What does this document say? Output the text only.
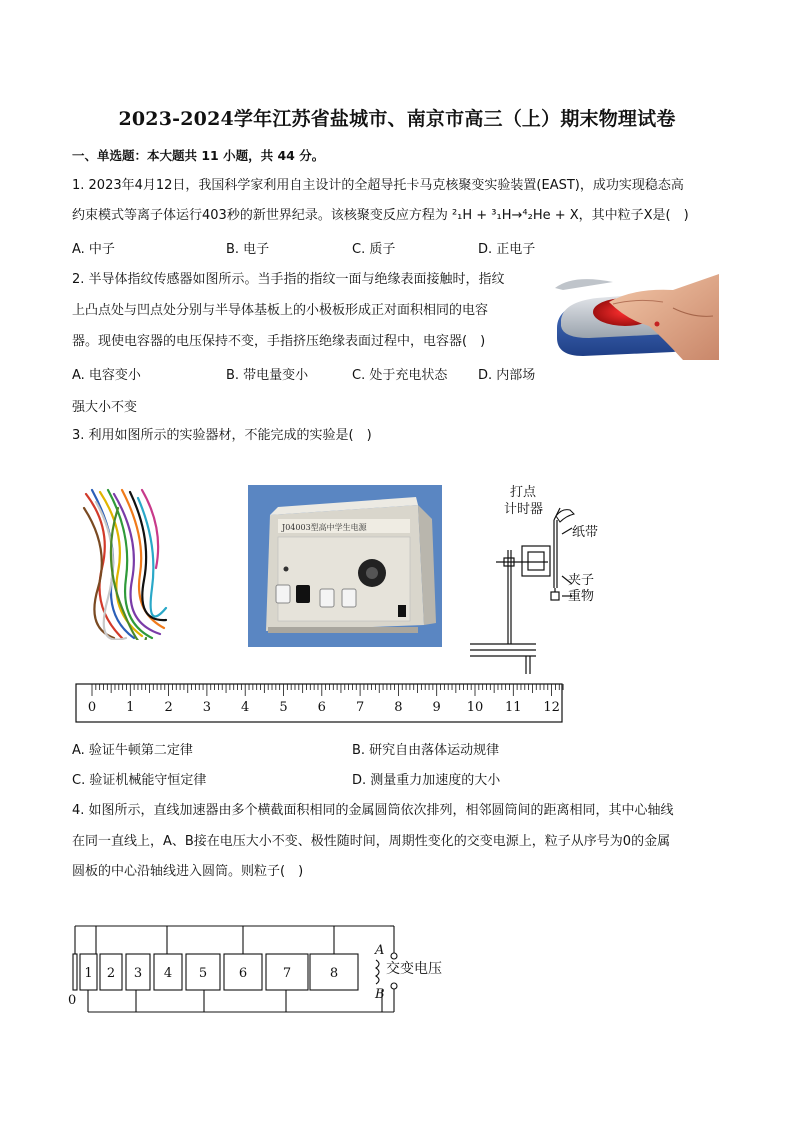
2023-2024学年江苏省盐城市、南京市高三（上）期末物理试卷
一、单选题：本大题共 11 小题，共 44 分。
1. 2023年4月12日，我国科学家利用自主设计的全超导托卡马克核聚变实验装置(EAST)，成功实现稳态高
约束模式等离子体运行403秒的新世界纪录。该核聚变反应方程为 ²₁H + ³₁H→⁴₂He + X，其中粒子X是(　)
A. 中子	B. 电子	C. 质子	D. 正电子
2. 半导体指纹传感器如图所示。当手指的指纹一面与绝缘表面接触时，指纹
上凸点处与凹点处分别与半导体基板上的小极板形成正对面积相同的电容
器。现使电容器的电压保持不变，手指挤压绝缘表面过程中，电容器(　)
A. 电容变小	B. 带电量变小	C. 处于充电状态 D. 内部场
强大小不变
3. 利用如图所示的实验器材，不能完成的实验是(　)
J04003型高中学生电源
打点
计时器
纸带
夹子
重物
0 1 2 3 4 5 6 7 8 9 10 11 12
A. 验证牛顿第二定律	B. 研究自由落体运动规律
C. 验证机械能守恒定律	D. 测量重力加速度的大小
4. 如图所示，直线加速器由多个横截面积相同的金属圆筒依次排列，相邻圆筒间的距离相同，其中心轴线
在同一直线上，A、B接在电压大小不变、极性随时间，周期性变化的交变电源上，粒子从序号为0的金属
圆板的中心沿轴线进入圆筒。则粒子(　)
1 2 3 4 5 6	7	8
0
A
B
交变电压
